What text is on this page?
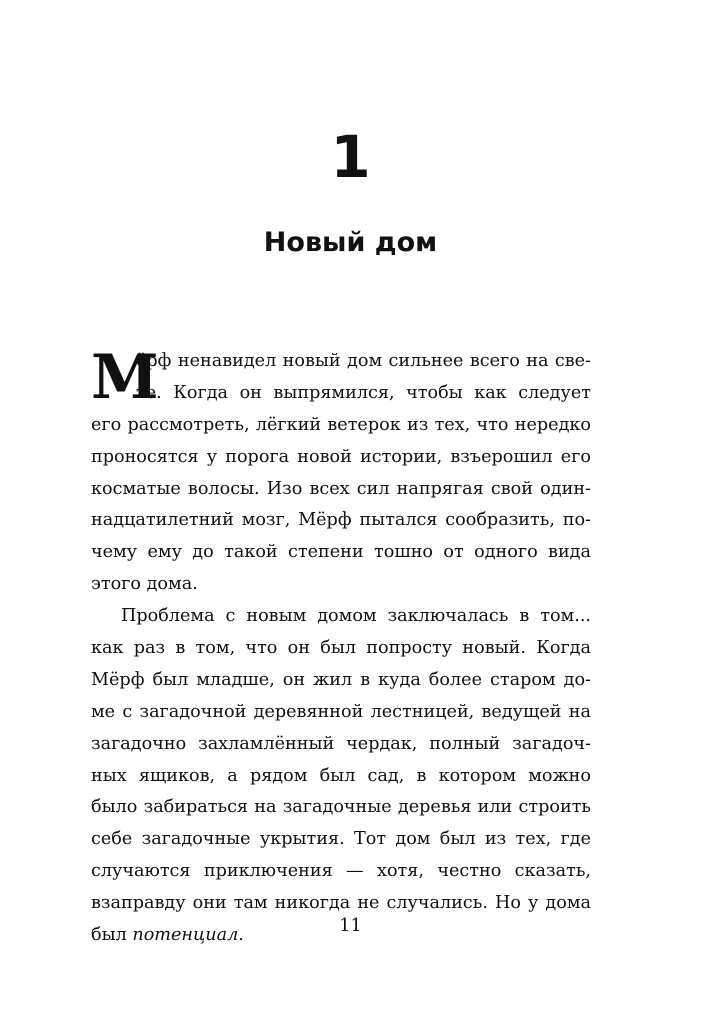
1
Новый дом
М
ёрф ненавидел новый дом сильнее всего на све-
те. Когда он выпрямился, чтобы как следует
его рассмотреть, лёгкий ветерок из тех, что нередко
проносятся у порога новой истории, взъерошил его
косматые волосы. Изо всех сил напрягая свой один-
надцатилетний мозг, Мёрф пытался сообразить, по-
чему ему до такой степени тошно от одного вида
этого дома.
Проблема с новым домом заключалась в том...
как раз в том, что он был попросту новый. Когда
Мёрф был младше, он жил в куда более старом до-
ме с загадочной деревянной лестницей, ведущей на
загадочно захламлённый чердак, полный загадоч-
ных ящиков, а рядом был сад, в котором можно
было забираться на загадочные деревья или строить
себе загадочные укрытия. Тот дом был из тех, где
случаются приключения — хотя, честно сказать,
взаправду они там никогда не случались. Но у дома
был потенциал.	11
